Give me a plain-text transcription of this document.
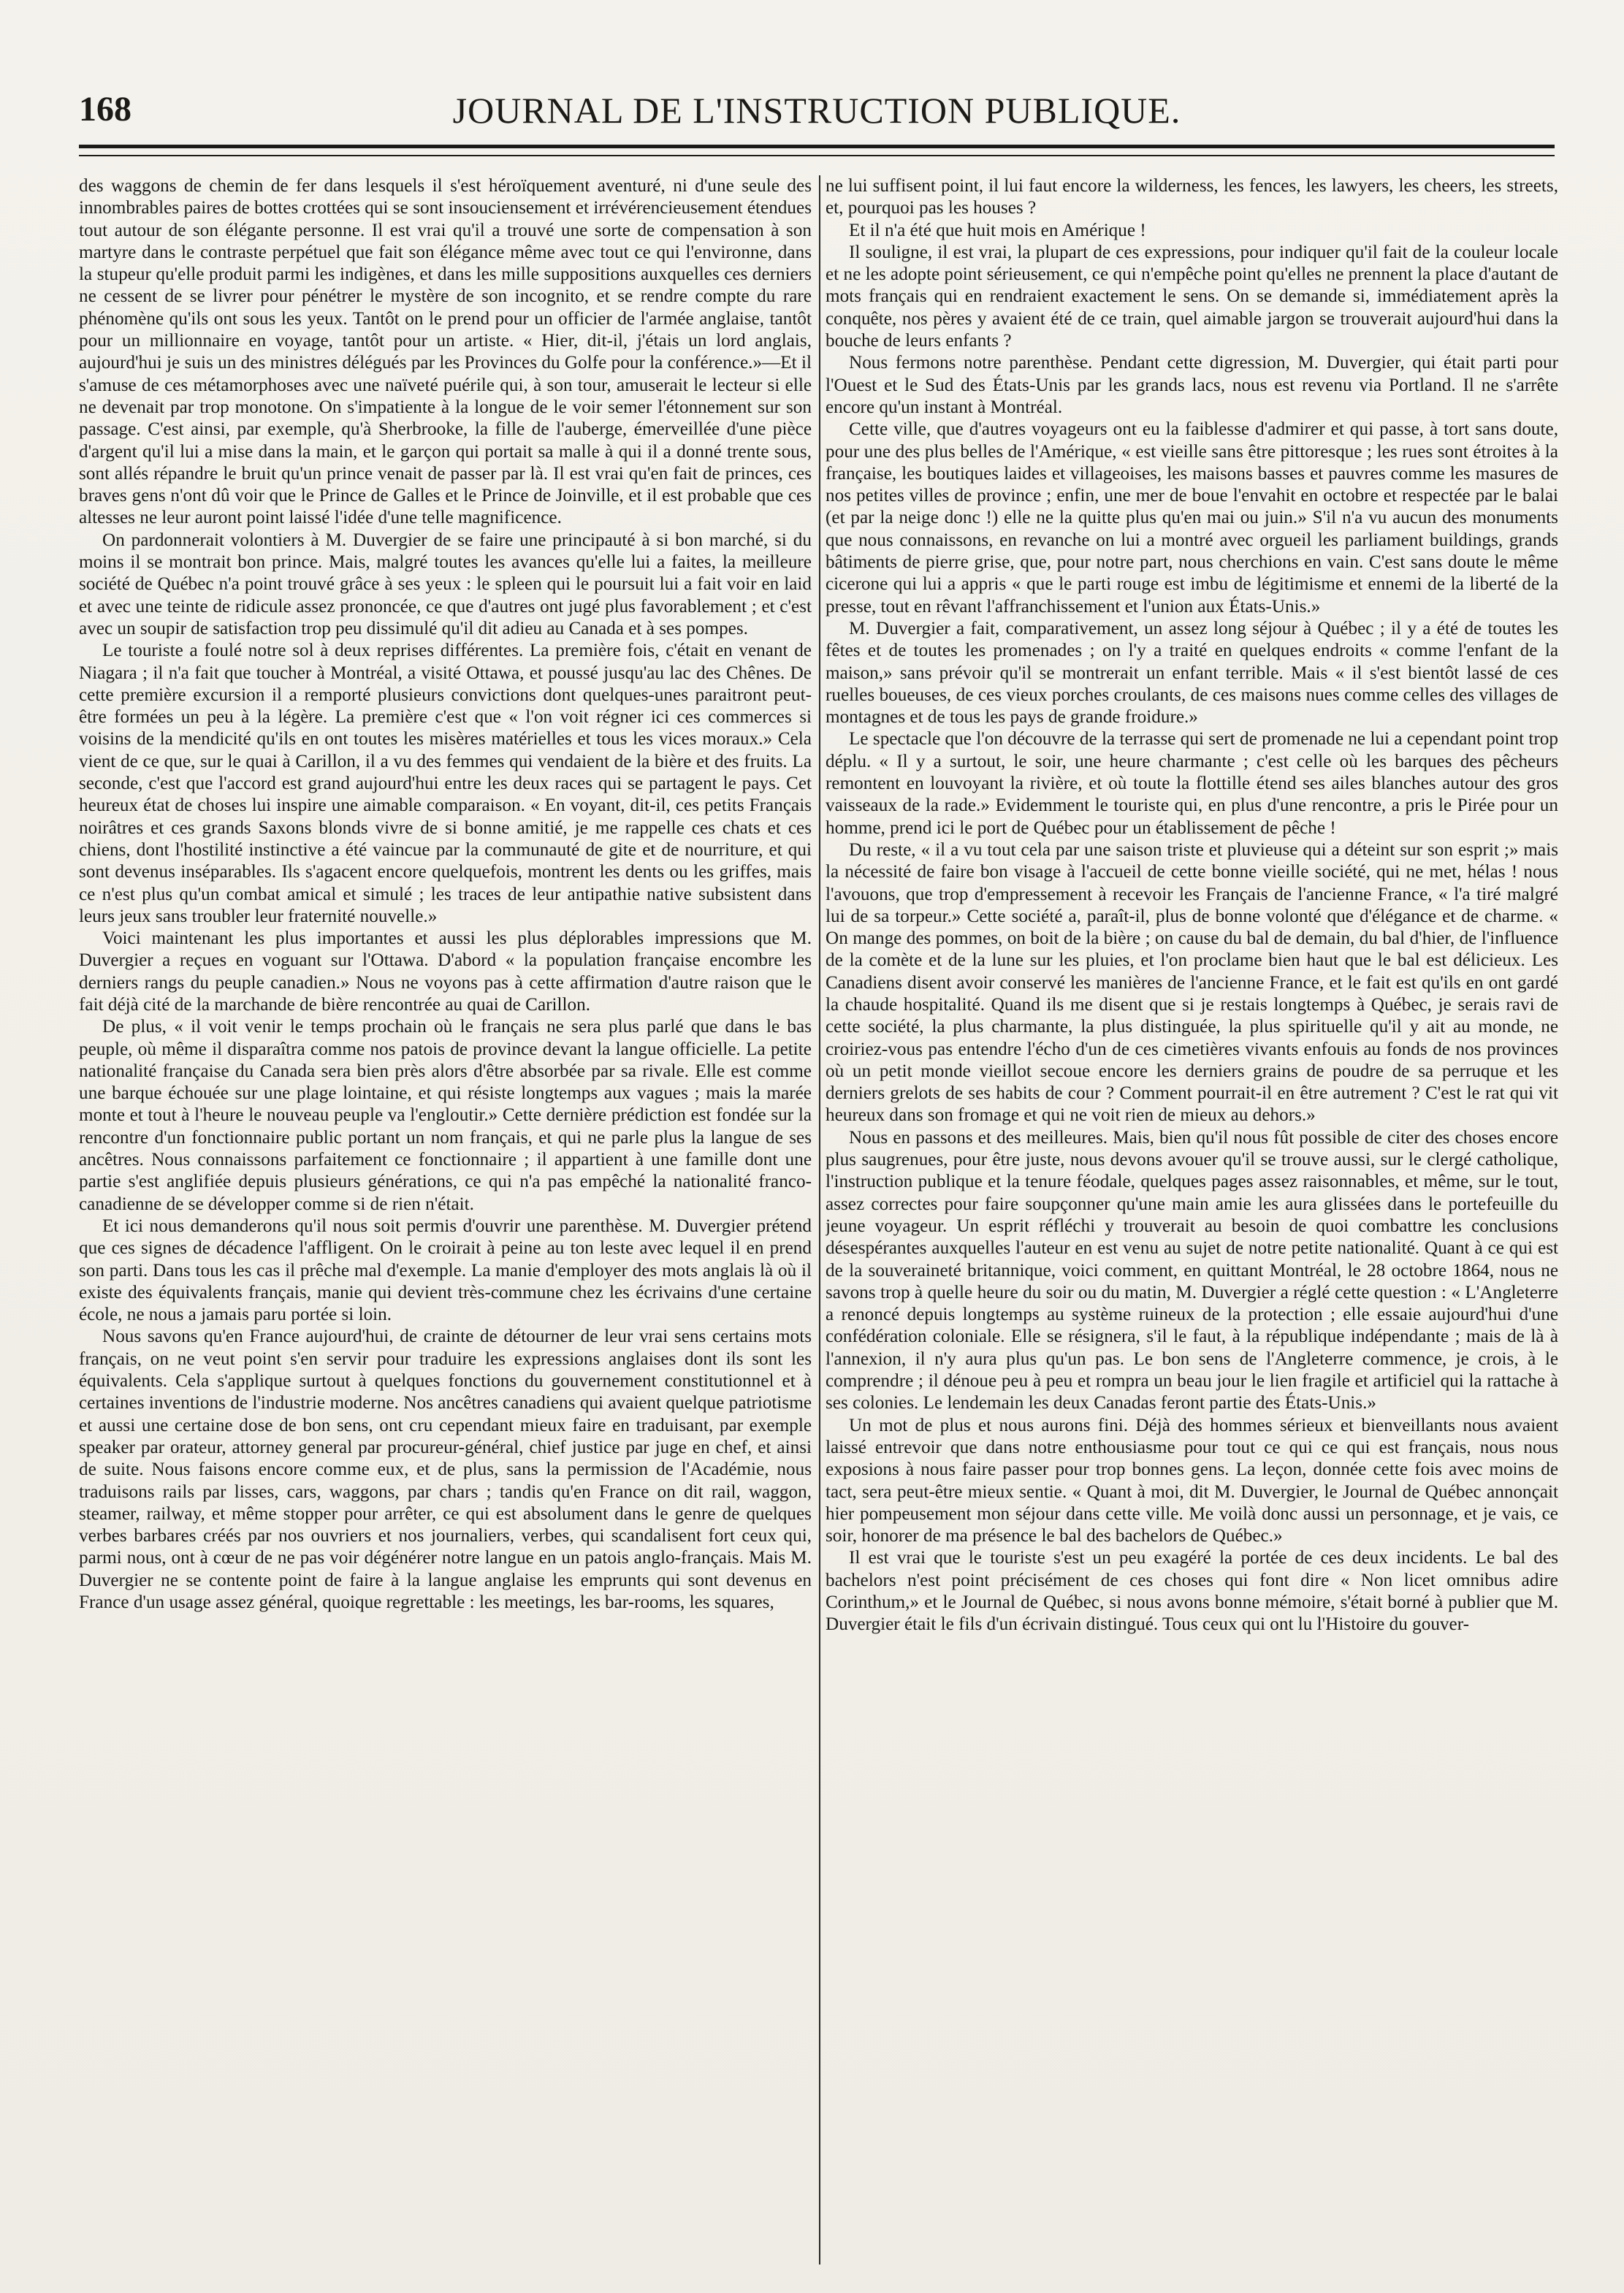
168	JOURNAL DE L'INSTRUCTION PUBLIQUE.

des waggons de chemin de fer dans lesquels il s'est héroïquement aventuré, ni d'une seule des innombrables paires de bottes crottées qui se sont insouciensement et irrévérencieusement étendues tout autour de son élégante personne. Il est vrai qu'il a trouvé une sorte de compensation à son martyre dans le contraste perpétuel que fait son élégance même avec tout ce qui l'environne, dans la stupeur qu'elle produit parmi les indigènes, et dans les mille suppositions auxquelles ces derniers ne cessent de se livrer pour pénétrer le mystère de son incognito, et se rendre compte du rare phénomène qu'ils ont sous les yeux. Tantôt on le prend pour un officier de l'armée anglaise, tantôt pour un millionnaire en voyage, tantôt pour un artiste. « Hier, dit-il, j'étais un lord anglais, aujourd'hui je suis un des ministres délégués par les Provinces du Golfe pour la conférence.»—Et il s'amuse de ces métamorphoses avec une naïveté puérile qui, à son tour, amuserait le lecteur si elle ne devenait par trop monotone. On s'impatiente à la longue de le voir semer l'étonnement sur son passage. C'est ainsi, par exemple, qu'à Sherbrooke, la fille de l'auberge, émerveillée d'une pièce d'argent qu'il lui a mise dans la main, et le garçon qui portait sa malle à qui il a donné trente sous, sont allés répandre le bruit qu'un prince venait de passer par là. Il est vrai qu'en fait de princes, ces braves gens n'ont dû voir que le Prince de Galles et le Prince de Joinville, et il est probable que ces altesses ne leur auront point laissé l'idée d'une telle magnificence.

On pardonnerait volontiers à M. Duvergier de se faire une principauté à si bon marché, si du moins il se montrait bon prince. Mais, malgré toutes les avances qu'elle lui a faites, la meilleure société de Québec n'a point trouvé grâce à ses yeux : le spleen qui le poursuit lui a fait voir en laid et avec une teinte de ridicule assez prononcée, ce que d'autres ont jugé plus favorablement ; et c'est avec un soupir de satisfaction trop peu dissimulé qu'il dit adieu au Canada et à ses pompes.

Le touriste a foulé notre sol à deux reprises différentes. La première fois, c'était en venant de Niagara ; il n'a fait que toucher à Montréal, a visité Ottawa, et poussé jusqu'au lac des Chênes. De cette première excursion il a remporté plusieurs convictions dont quelques-unes paraitront peut-être formées un peu à la légère. La première c'est que « l'on voit régner ici ces commerces si voisins de la mendicité qu'ils en ont toutes les misères matérielles et tous les vices moraux.» Cela vient de ce que, sur le quai à Carillon, il a vu des femmes qui vendaient de la bière et des fruits. La seconde, c'est que l'accord est grand aujourd'hui entre les deux races qui se partagent le pays. Cet heureux état de choses lui inspire une aimable comparaison. « En voyant, dit-il, ces petits Français noirâtres et ces grands Saxons blonds vivre de si bonne amitié, je me rappelle ces chats et ces chiens, dont l'hostilité instinctive a été vaincue par la communauté de gite et de nourriture, et qui sont devenus inséparables. Ils s'agacent encore quelquefois, montrent les dents ou les griffes, mais ce n'est plus qu'un combat amical et simulé ; les traces de leur antipathie native subsistent dans leurs jeux sans troubler leur fraternité nouvelle.»

Voici maintenant les plus importantes et aussi les plus déplorables impressions que M. Duvergier a reçues en voguant sur l'Ottawa. D'abord « la population française encombre les derniers rangs du peuple canadien.» Nous ne voyons pas à cette affirmation d'autre raison que le fait déjà cité de la marchande de bière rencontrée au quai de Carillon.

De plus, « il voit venir le temps prochain où le français ne sera plus parlé que dans le bas peuple, où même il disparaîtra comme nos patois de province devant la langue officielle. La petite nationalité française du Canada sera bien près alors d'être absorbée par sa rivale. Elle est comme une barque échouée sur une plage lointaine, et qui résiste longtemps aux vagues ; mais la marée monte et tout à l'heure le nouveau peuple va l'engloutir.» Cette dernière prédiction est fondée sur la rencontre d'un fonctionnaire public portant un nom français, et qui ne parle plus la langue de ses ancêtres. Nous connaissons parfaitement ce fonctionnaire ; il appartient à une famille dont une partie s'est anglifiée depuis plusieurs générations, ce qui n'a pas empêché la nationalité franco-canadienne de se développer comme si de rien n'était.

Et ici nous demanderons qu'il nous soit permis d'ouvrir une parenthèse. M. Duvergier prétend que ces signes de décadence l'affligent. On le croirait à peine au ton leste avec lequel il en prend son parti. Dans tous les cas il prêche mal d'exemple. La manie d'employer des mots anglais là où il existe des équivalents français, manie qui devient très-commune chez les écrivains d'une certaine école, ne nous a jamais paru portée si loin.

Nous savons qu'en France aujourd'hui, de crainte de détourner de leur vrai sens certains mots français, on ne veut point s'en servir pour traduire les expressions anglaises dont ils sont les équivalents. Cela s'applique surtout à quelques fonctions du gouvernement constitutionnel et à certaines inventions de l'industrie moderne. Nos ancêtres canadiens qui avaient quelque patriotisme et aussi une certaine dose de bon sens, ont cru cependant mieux faire en traduisant, par exemple speaker par orateur, attorney general par procureur-général, chief justice par juge en chef, et ainsi de suite. Nous faisons encore comme eux, et de plus, sans la permission de l'Académie, nous traduisons rails par lisses, cars, waggons, par chars ; tandis qu'en France on dit rail, waggon, steamer, railway, et même stopper pour arrêter, ce qui est absolument dans le genre de quelques verbes barbares créés par nos ouvriers et nos journaliers, verbes, qui scandalisent fort ceux qui, parmi nous, ont à cœur de ne pas voir dégénérer notre langue en un patois anglo-français. Mais M. Duvergier ne se contente point de faire à la langue anglaise les emprunts qui sont devenus en France d'un usage assez général, quoique regrettable : les meetings, les bar-rooms, les squares,

ne lui suffisent point, il lui faut encore la wilderness, les fences, les lawyers, les cheers, les streets, et, pourquoi pas les houses ?

Et il n'a été que huit mois en Amérique !

Il souligne, il est vrai, la plupart de ces expressions, pour indiquer qu'il fait de la couleur locale et ne les adopte point sérieusement, ce qui n'empêche point qu'elles ne prennent la place d'autant de mots français qui en rendraient exactement le sens. On se demande si, immédiatement après la conquête, nos pères y avaient été de ce train, quel aimable jargon se trouverait aujourd'hui dans la bouche de leurs enfants ?

Nous fermons notre parenthèse. Pendant cette digression, M. Duvergier, qui était parti pour l'Ouest et le Sud des États-Unis par les grands lacs, nous est revenu via Portland. Il ne s'arrête encore qu'un instant à Montréal.

Cette ville, que d'autres voyageurs ont eu la faiblesse d'admirer et qui passe, à tort sans doute, pour une des plus belles de l'Amérique, « est vieille sans être pittoresque ; les rues sont étroites à la française, les boutiques laides et villageoises, les maisons basses et pauvres comme les masures de nos petites villes de province ; enfin, une mer de boue l'envahit en octobre et respectée par le balai (et par la neige donc !) elle ne la quitte plus qu'en mai ou juin.» S'il n'a vu aucun des monuments que nous connaissons, en revanche on lui a montré avec orgueil les parliament buildings, grands bâtiments de pierre grise, que, pour notre part, nous cherchions en vain. C'est sans doute le même cicerone qui lui a appris « que le parti rouge est imbu de légitimisme et ennemi de la liberté de la presse, tout en rêvant l'affranchissement et l'union aux États-Unis.»

M. Duvergier a fait, comparativement, un assez long séjour à Québec ; il y a été de toutes les fêtes et de toutes les promenades ; on l'y a traité en quelques endroits « comme l'enfant de la maison,» sans prévoir qu'il se montrerait un enfant terrible. Mais « il s'est bientôt lassé de ces ruelles boueuses, de ces vieux porches croulants, de ces maisons nues comme celles des villages de montagnes et de tous les pays de grande froidure.»

Le spectacle que l'on découvre de la terrasse qui sert de promenade ne lui a cependant point trop déplu. « Il y a surtout, le soir, une heure charmante ; c'est celle où les barques des pêcheurs remontent en louvoyant la rivière, et où toute la flottille étend ses ailes blanches autour des gros vaisseaux de la rade.» Evidemment le touriste qui, en plus d'une rencontre, a pris le Pirée pour un homme, prend ici le port de Québec pour un établissement de pêche !

Du reste, « il a vu tout cela par une saison triste et pluvieuse qui a déteint sur son esprit ;» mais la nécessité de faire bon visage à l'accueil de cette bonne vieille société, qui ne met, hélas ! nous l'avouons, que trop d'empressement à recevoir les Français de l'ancienne France, « l'a tiré malgré lui de sa torpeur.» Cette société a, paraît-il, plus de bonne volonté que d'élégance et de charme. « On mange des pommes, on boit de la bière ; on cause du bal de demain, du bal d'hier, de l'influence de la comète et de la lune sur les pluies, et l'on proclame bien haut que le bal est délicieux. Les Canadiens disent avoir conservé les manières de l'ancienne France, et le fait est qu'ils en ont gardé la chaude hospitalité. Quand ils me disent que si je restais longtemps à Québec, je serais ravi de cette société, la plus charmante, la plus distinguée, la plus spirituelle qu'il y ait au monde, ne croiriez-vous pas entendre l'écho d'un de ces cimetières vivants enfouis au fonds de nos provinces où un petit monde vieillot secoue encore les derniers grains de poudre de sa perruque et les derniers grelots de ses habits de cour ? Comment pourrait-il en être autrement ? C'est le rat qui vit heureux dans son fromage et qui ne voit rien de mieux au dehors.»

Nous en passons et des meilleures. Mais, bien qu'il nous fût possible de citer des choses encore plus saugrenues, pour être juste, nous devons avouer qu'il se trouve aussi, sur le clergé catholique, l'instruction publique et la tenure féodale, quelques pages assez raisonnables, et même, sur le tout, assez correctes pour faire soupçonner qu'une main amie les aura glissées dans le portefeuille du jeune voyageur. Un esprit réfléchi y trouverait au besoin de quoi combattre les conclusions désespérantes auxquelles l'auteur en est venu au sujet de notre petite nationalité. Quant à ce qui est de la souveraineté britannique, voici comment, en quittant Montréal, le 28 octobre 1864, nous ne savons trop à quelle heure du soir ou du matin, M. Duvergier a réglé cette question : « L'Angleterre a renoncé depuis longtemps au système ruineux de la protection ; elle essaie aujourd'hui d'une confédération coloniale. Elle se résignera, s'il le faut, à la république indépendante ; mais de là à l'annexion, il n'y aura plus qu'un pas. Le bon sens de l'Angleterre commence, je crois, à le comprendre ; il dénoue peu à peu et rompra un beau jour le lien fragile et artificiel qui la rattache à ses colonies. Le lendemain les deux Canadas feront partie des États-Unis.»

Un mot de plus et nous aurons fini. Déjà des hommes sérieux et bienveillants nous avaient laissé entrevoir que dans notre enthousiasme pour tout ce qui ce qui est français, nous nous exposions à nous faire passer pour trop bonnes gens. La leçon, donnée cette fois avec moins de tact, sera peut-être mieux sentie. « Quant à moi, dit M. Duvergier, le Journal de Québec annonçait hier pompeusement mon séjour dans cette ville. Me voilà donc aussi un personnage, et je vais, ce soir, honorer de ma présence le bal des bachelors de Québec.»

Il est vrai que le touriste s'est un peu exagéré la portée de ces deux incidents. Le bal des bachelors n'est point précisément de ces choses qui font dire « Non licet omnibus adire Corinthum,» et le Journal de Québec, si nous avons bonne mémoire, s'était borné à publier que M. Duvergier était le fils d'un écrivain distingué. Tous ceux qui ont lu l'Histoire du gouver-
